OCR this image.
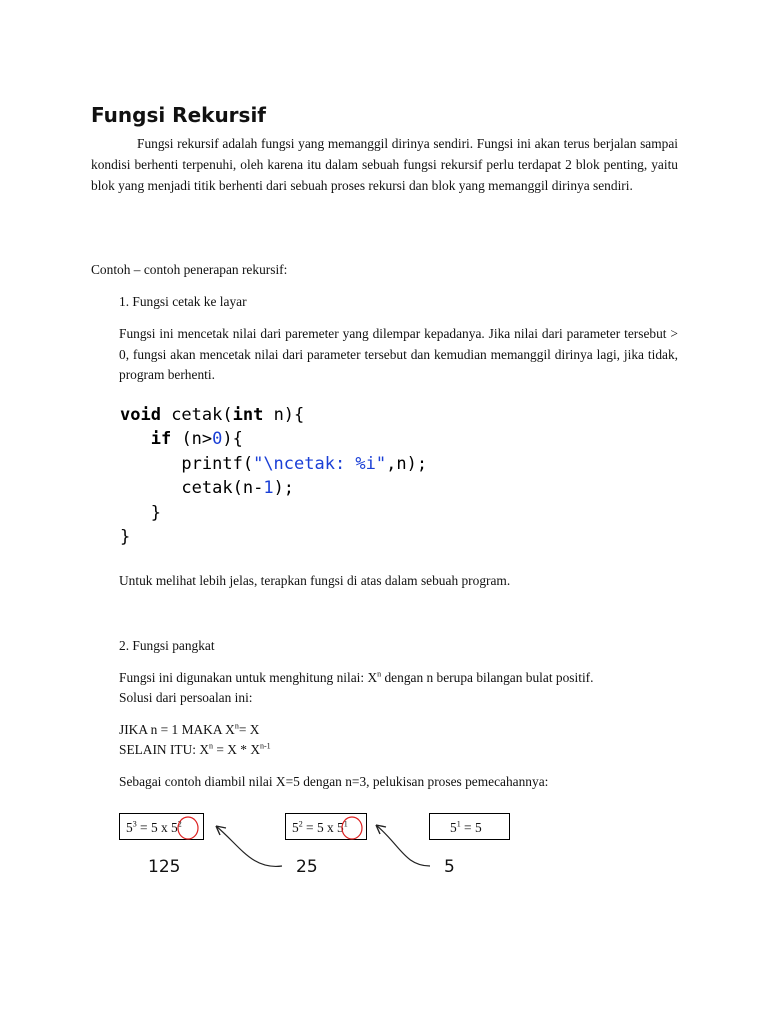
Fungsi Rekursif
Fungsi rekursif adalah fungsi yang memanggil dirinya sendiri. Fungsi ini akan terus berjalan sampai kondisi berhenti terpenuhi, oleh karena itu dalam sebuah fungsi rekursif perlu terdapat 2 blok penting, yaitu blok yang menjadi titik berhenti dari sebuah proses rekursi dan blok yang memanggil dirinya sendiri.
Contoh – contoh penerapan rekursif:
1. Fungsi cetak ke layar
Fungsi ini mencetak nilai dari paremeter yang dilempar kepadanya. Jika nilai dari parameter tersebut > 0, fungsi akan mencetak nilai dari parameter tersebut dan kemudian memanggil dirinya lagi, jika tidak, program berhenti.
void cetak(int n){
if (n>0){
printf("\ncetak: %i",n);
cetak(n-1);
}
}
Untuk melihat lebih jelas, terapkan fungsi di atas dalam sebuah program.
2. Fungsi pangkat
Fungsi ini digunakan untuk menghitung nilai: $X^n$ dengan n berupa bilangan bulat positif.
Solusi dari persoalan ini:
JIKA n = 1 MAKA $X^n= X$
SELAIN ITU: $X^n = X * X^{n-1}$
Sebagai contoh diambil nilai X=5 dengan n=3, pelukisan proses pemecahannya:
$5^3 = 5$ x $5^2$	$5^2 = 5$ x $5^1$	$5^1 = 5$
125	25	5
